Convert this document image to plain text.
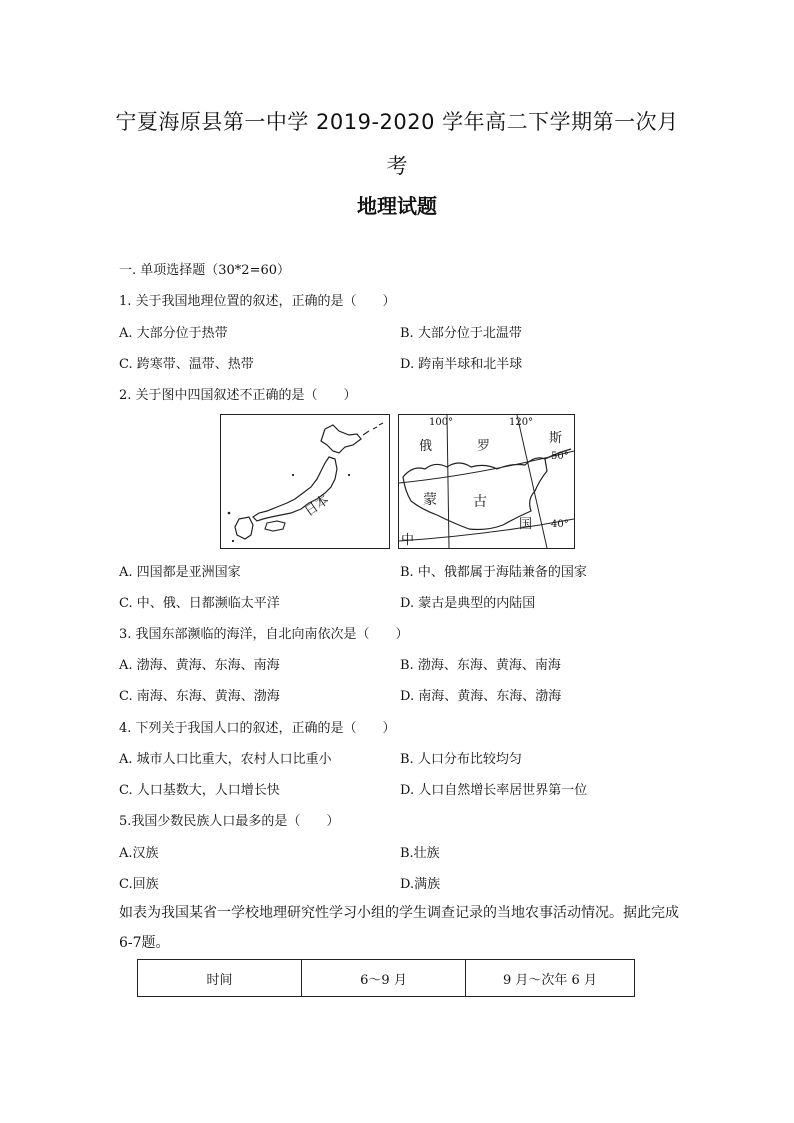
宁夏海原县第一中学 2019-2020 学年高二下学期第一次月
考
地理试题
一. 单项选择题（30*2=60）
1. 关于我国地理位置的叙述，正确的是（　　）
A. 大部分位于热带	B. 大部分位于北温带
C. 跨寒带、温带、热带	D. 跨南半球和北半球
2. 关于图中四国叙述不正确的是（　　）
日本
100°	120°
50°
40°
俄	罗
斯
蒙	古
国
中
A. 四国都是亚洲国家	B. 中、俄都属于海陆兼备的国家
C. 中、俄、日都濒临太平洋	D. 蒙古是典型的内陆国
3. 我国东部濒临的海洋，自北向南依次是（　　）
A. 渤海、黄海、东海、南海	B. 渤海、东海、黄海、南海
C. 南海、东海、黄海、渤海	D. 南海、黄海、东海、渤海
4. 下列关于我国人口的叙述，正确的是（　　）
A. 城市人口比重大，农村人口比重小	B. 人口分布比较均匀
C. 人口基数大，人口增长快	D. 人口自然增长率居世界第一位
5.我国少数民族人口最多的是（　　）
A.汉族	B.壮族
C.回族	D.满族
如表为我国某省一学校地理研究性学习小组的学生调查记录的当地农事活动情况。据此完成6-7题。
时间	6～9 月	9 月～次年 6 月
